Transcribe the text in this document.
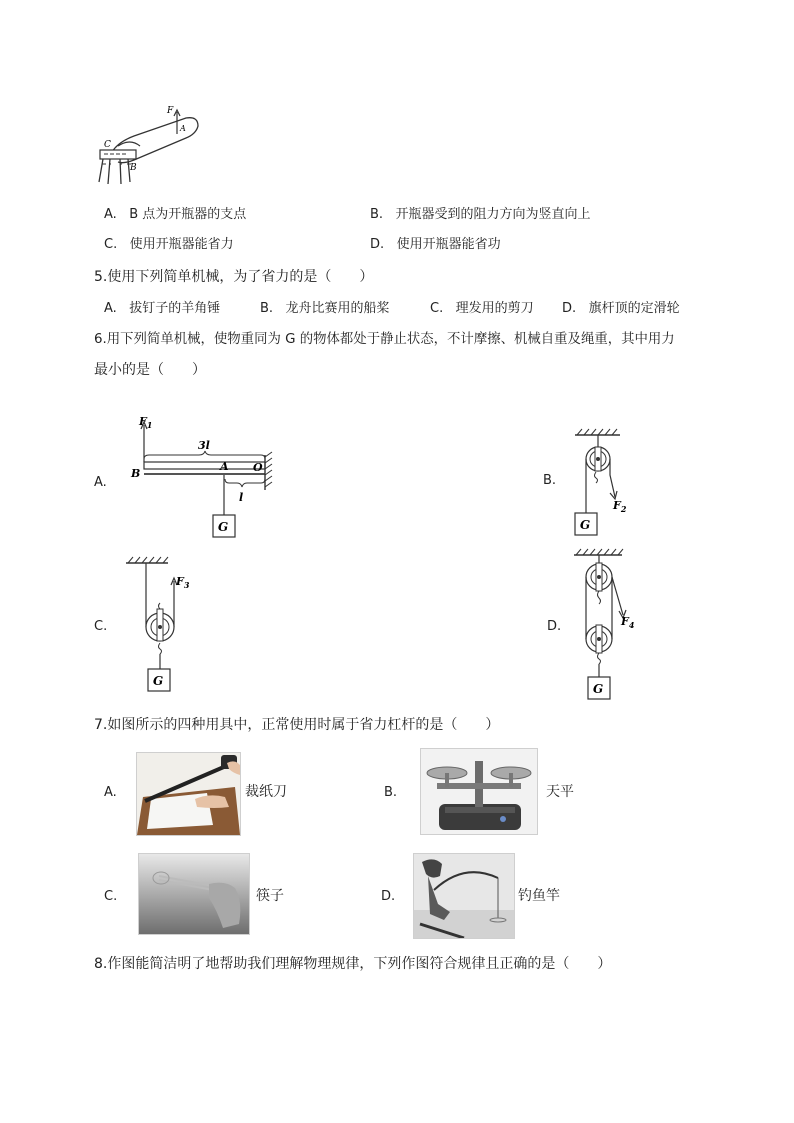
F
A
C
B
A. B 点为开瓶器的支点	B. 开瓶器受到的阻力方向为竖直向上
C. 使用开瓶器能省力	D. 使用开瓶器能省功
5.使用下列简单机械，为了省力的是（　　）
A. 拔钉子的羊角锤	B. 龙舟比赛用的船桨	C. 理发用的剪刀 D. 旗杆顶的定滑轮
6.用下列简单机械，使物重同为 G 的物体都处于静止状态，不计摩擦、机械自重及绳重，其中用力
最小的是（　　）
A.
$F_1$
3l
B
A O
l
G
B.
$F_2$
G
C.
$F_3$
G
D.	$F_4$
G
7.如图所示的四种用具中，正常使用时属于省力杠杆的是（　　）
A.	裁纸刀	B.	天平
C.	筷子	D.	钓鱼竿
8.作图能简洁明了地帮助我们理解物理规律，下列作图符合规律且正确的是（　　）
